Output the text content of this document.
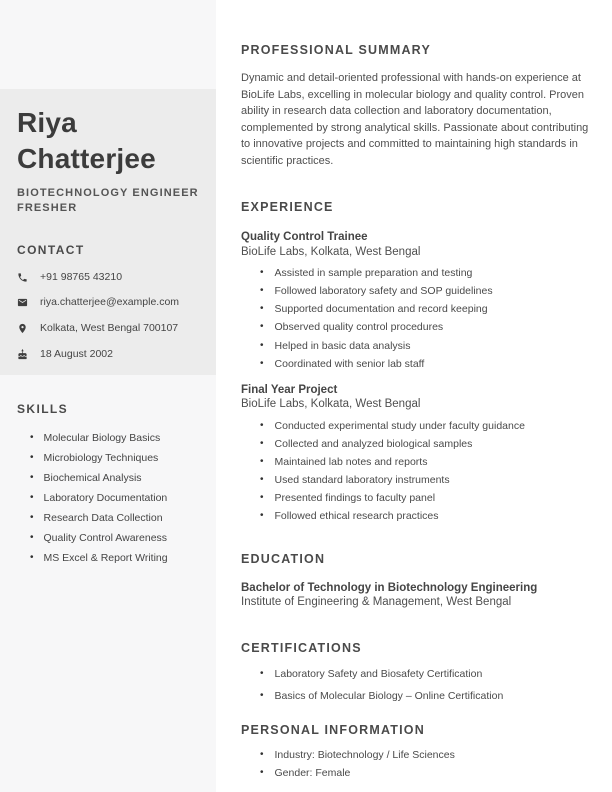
Riya Chatterjee
BIOTECHNOLOGY ENGINEER FRESHER
CONTACT
+91 98765 43210
riya.chatterjee@example.com
Kolkata, West Bengal 700107
18 August 2002
SKILLS
• Molecular Biology Basics
• Microbiology Techniques
• Biochemical Analysis
• Laboratory Documentation
• Research Data Collection
• Quality Control Awareness
• MS Excel & Report Writing
PROFESSIONAL SUMMARY

Dynamic and detail-oriented professional with hands-on experience at BioLife Labs, excelling in molecular biology and quality control. Proven ability in research data collection and laboratory documentation, complemented by strong analytical skills. Passionate about contributing to innovative projects and committed to maintaining high standards in scientific practices.

EXPERIENCE
Quality Control Trainee
BioLife Labs, Kolkata, West Bengal
• Assisted in sample preparation and testing
• Followed laboratory safety and SOP guidelines
• Supported documentation and record keeping
• Observed quality control procedures
• Helped in basic data analysis
• Coordinated with senior lab staff
Final Year Project
BioLife Labs, Kolkata, West Bengal
• Conducted experimental study under faculty guidance
• Collected and analyzed biological samples
• Maintained lab notes and reports
• Used standard laboratory instruments
• Presented findings to faculty panel
• Followed ethical research practices
EDUCATION
Bachelor of Technology in Biotechnology Engineering
Institute of Engineering & Management, West Bengal
CERTIFICATIONS
• Laboratory Safety and Biosafety Certification
• Basics of Molecular Biology – Online Certification
PERSONAL INFORMATION
• Industry: Biotechnology / Life Sciences
• Gender: Female
